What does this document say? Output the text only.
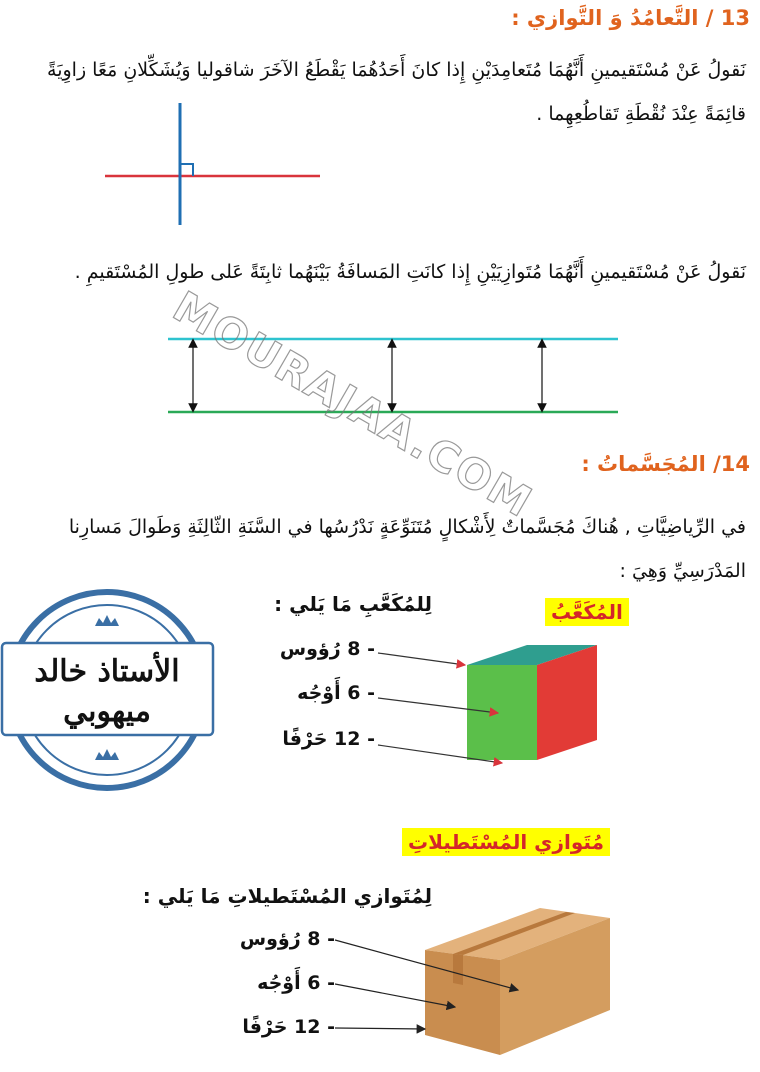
13 / التَّعامُدُ وَ التَّوازي :
نَقولُ عَنْ مُسْتَقيمينِ أَنَّهُمَا مُتَعامِدَيْنِ إِذا كانَ أَحَدُهُمَا يَقْطَعُ الآخَرَ شاقوليا وَيُشَكِّلانِ مَعًا زاوِيَةً قائِمَةً عِنْدَ نُقْطَةِ تَقاطُعِهِما .
نَقولُ عَنْ مُسْتَقيمينِ أَنَّهُمَا مُتَوازِيَيْنِ إِذا كانَتِ المَسافَةُ بَيْنَهُما ثابِتَةً عَلى طولِ المُسْتَقيمِ .
MOURAJAA.COM	14/ المُجَسَّماتُ :
في الرِّياضِيَّاتِ , هُناكَ مُجَسَّماتٌ لِأَشْكالٍ مُتَنَوِّعَةٍ نَدْرُسُها في السَّنَةِ الثّالِثَةِ وَطَوالَ مَسارِنا المَدْرَسِيِّ وَهِيَ :
الأستاذ خالد
ميهوبي
المُكَعَّبُ
لِلمُكَعَّبِ مَا يَلي :
- 8 رُؤوس
- 6 أَوْجُه
- 12 حَرْفًا
مُتَوازي المُسْتَطيلاتِ
لِمُتَوازي المُسْتَطيلاتِ مَا يَلي :
- 8 رُؤوس
- 6 أَوْجُه
- 12 حَرْفًا
